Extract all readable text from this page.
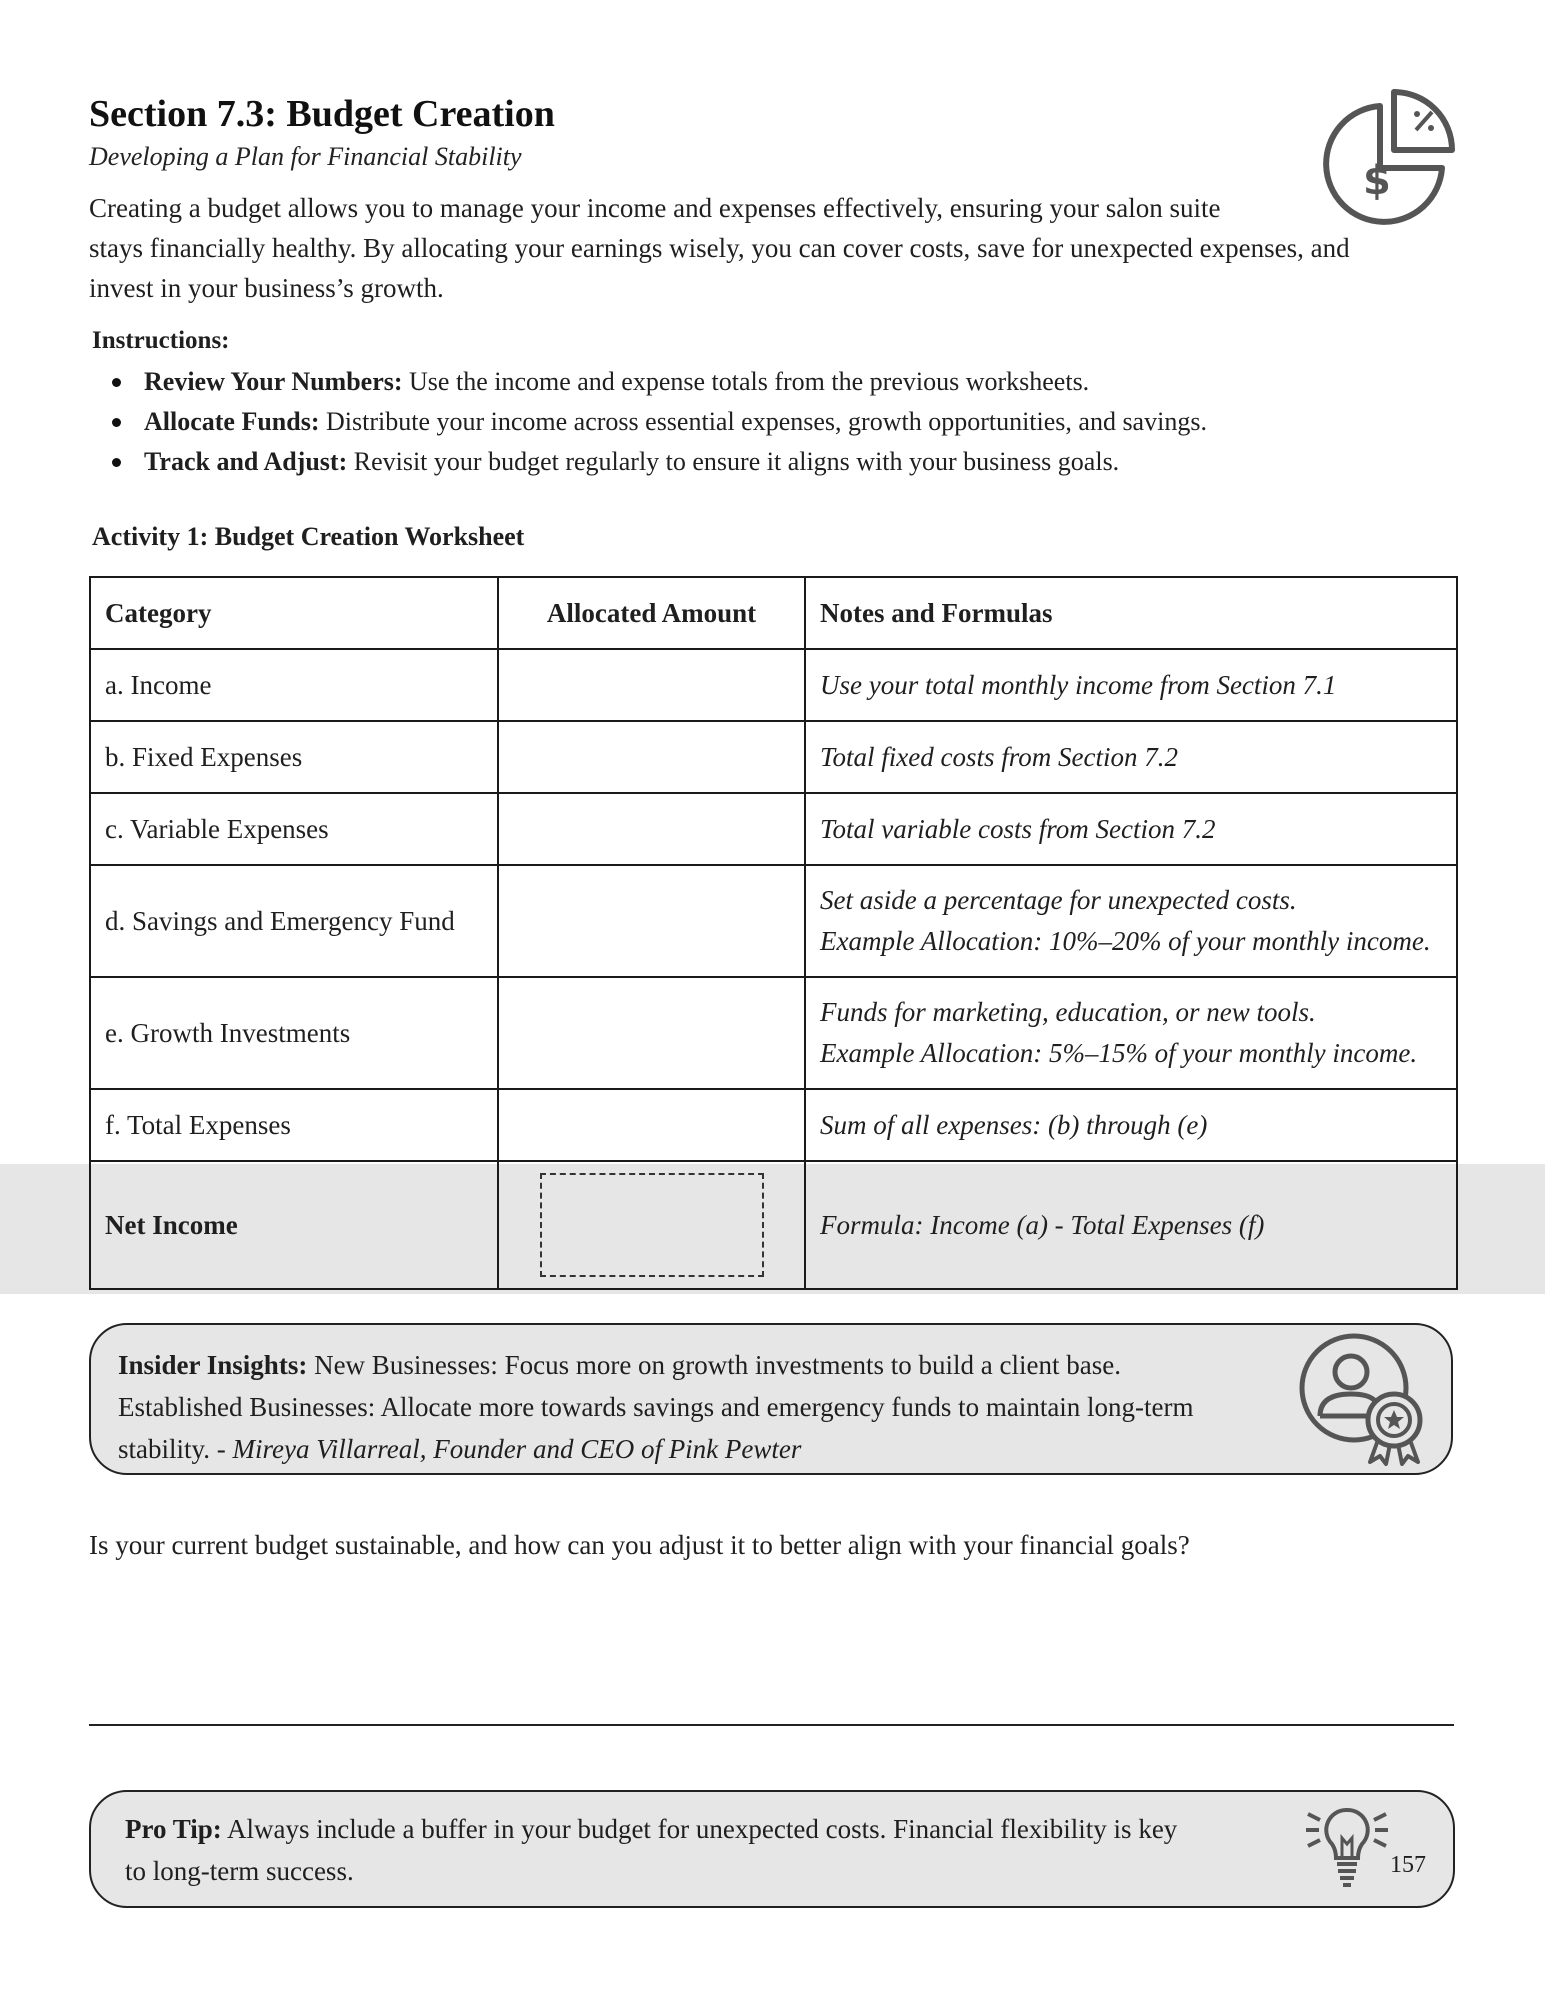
Section 7.3: Budget Creation
Developing a Plan for Financial Stability
$

Creating a budget allows you to manage your income and expenses effectively, ensuring your salon suite

stays financially healthy. By allocating your earnings wisely, you can cover costs, save for unexpected expenses, and

invest in your business’s growth.

Instructions:
Review Your Numbers: Use the income and expense totals from the previous worksheets.
Allocate Funds: Distribute your income across essential expenses, growth opportunities, and savings.
Track and Adjust: Revisit your budget regularly to ensure it aligns with your business goals.
Activity 1: Budget Creation Worksheet
Category	Allocated Amount	Notes and Formulas
a. Income		Use your total monthly income from Section 7.1
b. Fixed Expenses		Total fixed costs from Section 7.2
c. Variable Expenses		Total variable costs from Section 7.2
d. Savings and Emergency Fund		Set aside a percentage for unexpected costs.
Example Allocation: 10%–20% of your monthly income.

e. Growth Investments		Funds for marketing, education, or new tools.
Example Allocation: 5%–15% of your monthly income.

f. Total Expenses		Sum of all expenses: (b) through (e)
Net Income		Formula: Income (a) - Total Expenses (f)
Insider Insights: New Businesses: Focus more on growth investments to build a client base.
Established Businesses: Allocate more towards savings and emergency funds to maintain long-term
stability. - Mireya Villarreal, Founder and CEO of Pink Pewter
Is your current budget sustainable, and how can you adjust it to better align with your financial goals?
Pro Tip: Always include a buffer in your budget for unexpected costs. Financial flexibility is key
to long-term success.	157
